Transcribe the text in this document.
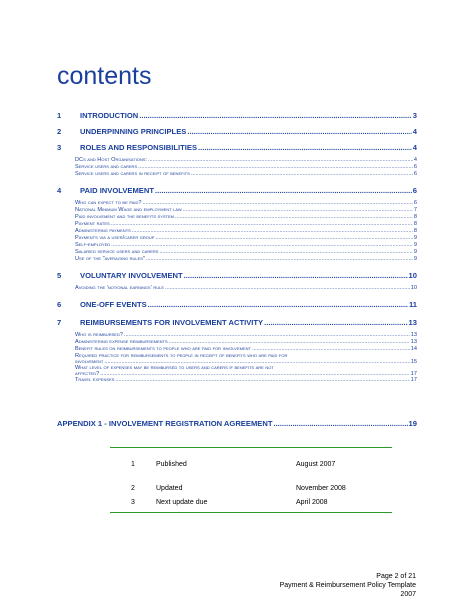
contents
1 INTRODUCTION .....	3
2 UNDERPINNING PRINCIPLES .....	4
3 ROLES AND RESPONSIBILITIES .....	4
DCs and Host Organisations: .....	4
Service users and carers .....	6
Service users and carers in receipt of benefits .....	6
4 PAID INVOLVEMENT .....	6
Who can expect to be paid? .....	6
National Minimum Wage and employment law .....	7
Paid involvement and the benefits system .....	8
Payment rates .....	8
Administering payments .....	8
Payments via a user/carer group .....	9
Self-employed .....	9
Salaried service users and carers .....	9
Use of the "averaging rules" .....	9
5 VOLUNTARY INVOLVEMENT .....	10
Avoiding the 'notional earnings' rule .....	10
6 ONE-OFF EVENTS .....	11
7 REIMBURSEMENTS FOR INVOLVEMENT ACTIVITY .....	13
Who is reimbursed? .....	13
Administering expense reimbursements .....	13
Benefit rules on reimbursements to people who are paid for involvement .....	14
Required practice for reimbursements to people in receipt of benefits who are paid for
involvement .....	15
What level of expenses may be reimbursed to users and carers if benefits are not
affected? .....	17
Travel expenses .....	17
APPENDIX 1 - INVOLVEMENT REGISTRATION AGREEMENT .....	19
1	Published	August 2007
2	Updated	November 2008
3	Next update due	April 2008
Page 2 of 21
Payment & Reimbursement Policy Template
2007
